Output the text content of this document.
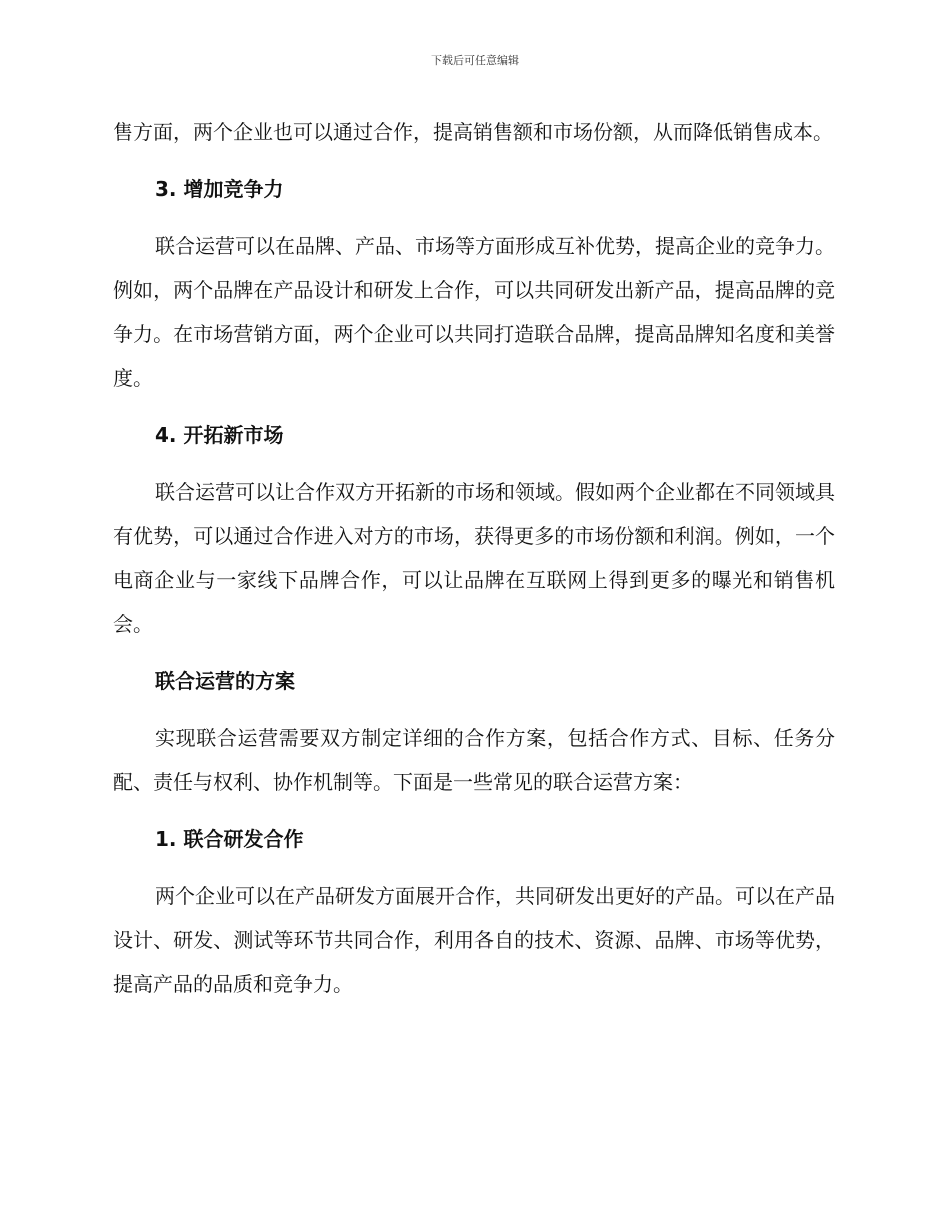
下载后可任意编辑

售方面，两个企业也可以通过合作，提高销售额和市场份额，从而降低销售成本。

3. 增加竞争力

联合运营可以在品牌、产品、市场等方面形成互补优势，提高企业的竞争力。例如，两个品牌在产品设计和研发上合作，可以共同研发出新产品，提高品牌的竞争力。在市场营销方面，两个企业可以共同打造联合品牌，提高品牌知名度和美誉度。

4. 开拓新市场

联合运营可以让合作双方开拓新的市场和领域。假如两个企业都在不同领域具有优势，可以通过合作进入对方的市场，获得更多的市场份额和利润。例如，一个电商企业与一家线下品牌合作，可以让品牌在互联网上得到更多的曝光和销售机会。

联合运营的方案

实现联合运营需要双方制定详细的合作方案，包括合作方式、目标、任务分配、责任与权利、协作机制等。下面是一些常见的联合运营方案：

1. 联合研发合作

两个企业可以在产品研发方面展开合作，共同研发出更好的产品。可以在产品设计、研发、测试等环节共同合作，利用各自的技术、资源、品牌、市场等优势，提高产品的品质和竞争力。
